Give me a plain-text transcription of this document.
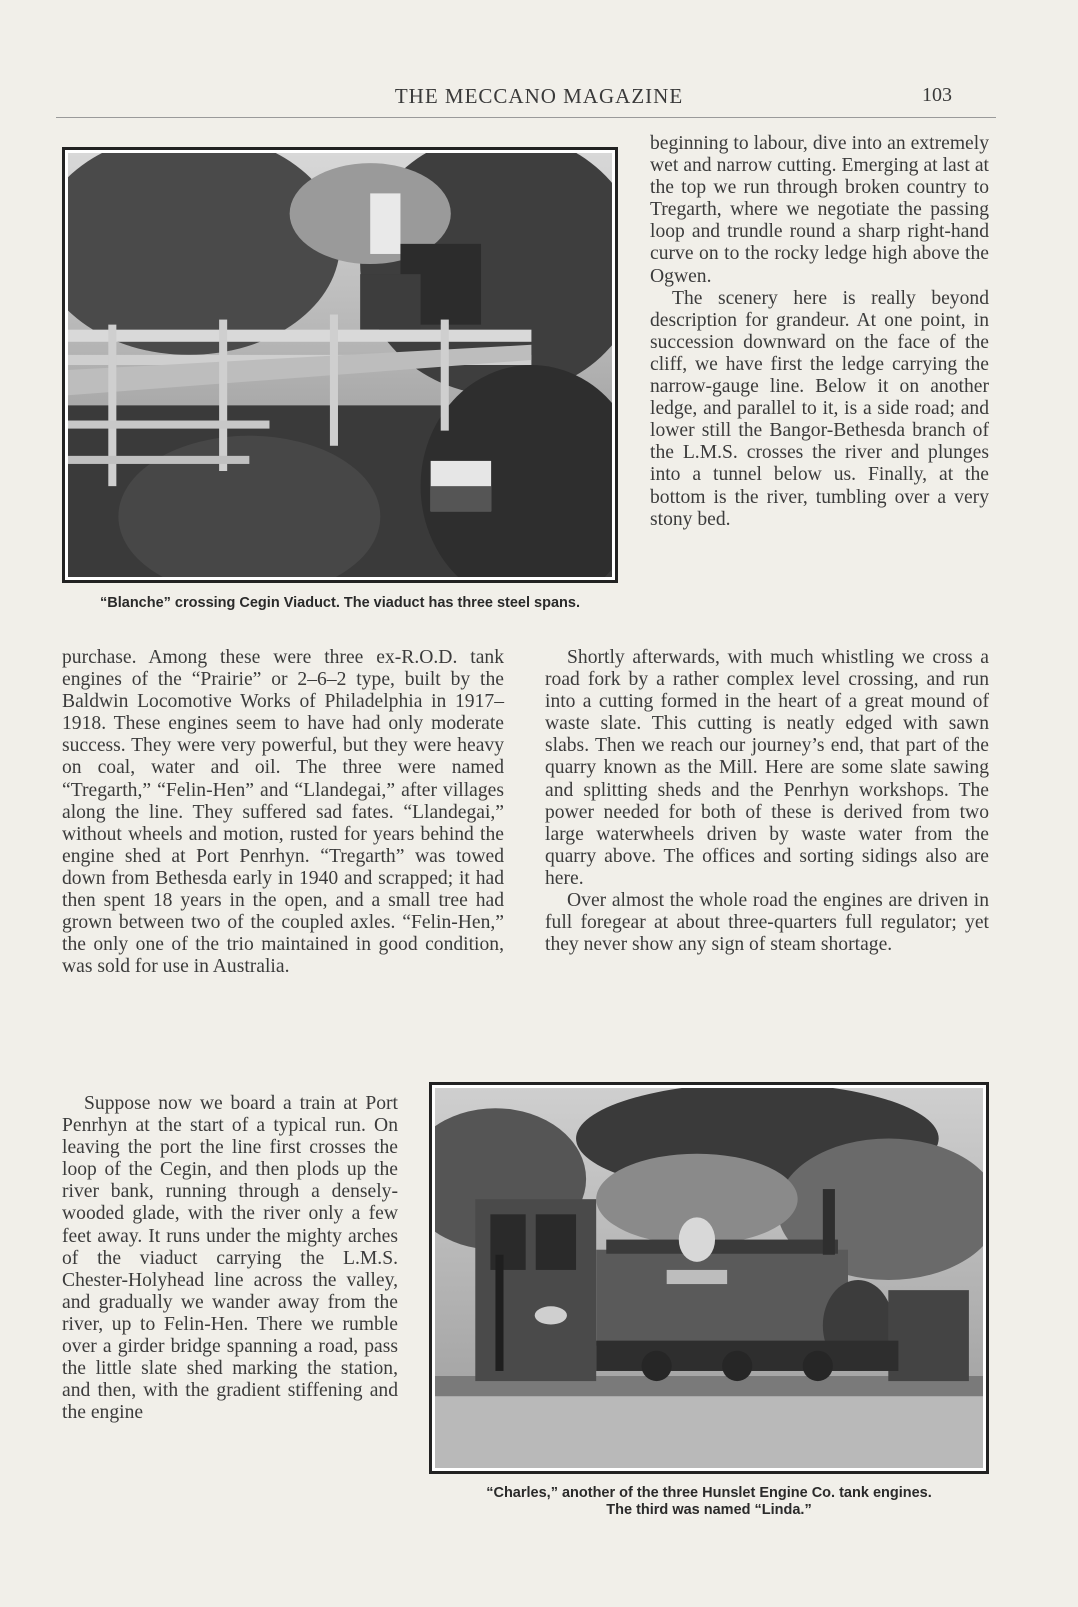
THE MECCANO MAGAZINE	103
“Blanche” crossing Cegin Viaduct. The viaduct has three steel spans.

beginning to labour, dive into an extremely wet and narrow cutting. Emerging at last at the top we run through broken country to Tregarth, where we negotiate the passing loop and trundle round a sharp right-hand curve on to the rocky ledge high above the Ogwen.

The scenery here is really beyond description for grandeur. At one point, in succession downward on the face of the cliff, we have first the ledge carrying the narrow-gauge line. Below it on another ledge, and parallel to it, is a side road; and lower still the Bangor-Bethesda branch of the L.M.S. crosses the river and plunges into a tunnel below us. Finally, at the bottom is the river, tumbling over a very stony bed.

Shortly afterwards, with much whistling we cross a road fork by a rather complex level crossing, and run into a cutting formed in the heart of a great mound of waste slate. This cutting is neatly edged with sawn slabs. Then we reach our journey’s end, that part of the quarry known as the Mill. Here are some slate sawing and splitting sheds and the Penrhyn workshops. The power needed for both of these is derived from two large waterwheels driven by waste water from the quarry above. The offices and sorting sidings also are here.

Over almost the whole road the engines are driven in full foregear at about three-quarters full regulator; yet they never show any sign of steam shortage.

purchase. Among these were three ex-R.O.D. tank engines of the “Prairie” or 2–6–2 type, built by the Baldwin Locomotive Works of Philadelphia in 1917–1918. These engines seem to have had only moderate success. They were very powerful, but they were heavy on coal, water and oil. The three were named “Tregarth,” “Felin-Hen” and “Llandegai,” after villages along the line. They suffered sad fates. “Llandegai,” without wheels and motion, rusted for years behind the engine shed at Port Penrhyn. “Tregarth” was towed down from Bethesda early in 1940 and scrapped; it had then spent 18 years in the open, and a small tree had grown between two of the coupled axles. “Felin-Hen,” the only one of the trio maintained in good condition, was sold for use in Australia.

Suppose now we board a train at Port Penrhyn at the start of a typical run. On leaving the port the line first crosses the loop of the Cegin, and then plods up the river bank, running through a densely-wooded glade, with the river only a few feet away. It runs under the mighty arches of the viaduct carrying the L.M.S. Chester-Holyhead line across the valley, and gradually we wander away from the river, up to Felin-Hen. There we rumble over a girder bridge spanning a road, pass the little slate shed marking the station, and then, with the gradient stiffening and the engine

“Charles,” another of the three Hunslet Engine Co. tank engines.
The third was named “Linda.”
